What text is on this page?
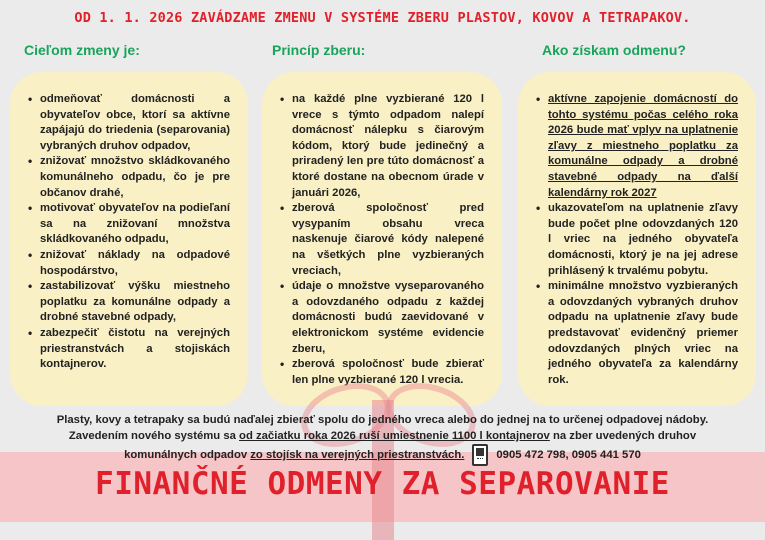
OD 1. 1. 2026 ZAVÁDZAME ZMENU V SYSTÉME ZBERU PLASTOV, KOVOV A TETRAPAKOV.
Cieľom zmeny je:	Princíp zberu:	Ako získam odmenu?
• odmeňovať domácnosti a obyvateľov obce, ktorí sa aktívne zapájajú do triedenia (separovania) vybraných druhov odpadov,
• znižovať množstvo skládkovaného komunálneho odpadu, čo je pre občanov drahé,
• motivovať obyvateľov na podieľaní sa na znižovaní množstva skládkovaného odpadu,
• znižovať náklady na odpadové hospodárstvo,
• zastabilizovať výšku miestneho poplatku za komunálne odpady a drobné stavebné odpady,
• zabezpečiť čistotu na verejných priestranstvách a stojiskách kontajnerov.
• na každé plne vyzbierané 120 l vrece s týmto odpadom nalepí domácnosť nálepku s čiarovým kódom, ktorý bude jedinečný a priradený len pre túto domácnosť a ktoré dostane na obecnom úrade v januári 2026,
• zberová spoločnosť pred vysypaním obsahu vreca naskenuje čiarové kódy nalepené na všetkých plne vyzbieraných vreciach,
• údaje o množstve vyseparovaného a odovzdaného odpadu z každej domácnosti budú zaevidované v elektronickom systéme evidencie zberu,
• zberová spoločnosť bude zbierať len plne vyzbierané 120 l vrecia.
• aktívne zapojenie domácností do tohto systému počas celého roka 2026 bude mať vplyv na uplatnenie zľavy z miestneho poplatku za komunálne odpady a drobné stavebné odpady na ďalší kalendárny rok 2027
• ukazovateľom na uplatnenie zľavy bude počet plne odovzdaných 120 l vriec na jedného obyvateľa domácnosti, ktorý je na jej adrese prihlásený k trvalému pobytu.
• minimálne množstvo vyzbieraných a odovzdaných vybraných druhov odpadu na uplatnenie zľavy bude predstavovať evidenčný priemer odovzdaných plných vriec na jedného obyvateľa za kalendárny rok.
Plasty, kovy a tetrapaky sa budú naďalej zbierať spolu do jedného vreca alebo do jednej na to určenej odpadovej nádoby.
Zavedením nového systému sa od začiatku roka 2026 ruší umiestnenie 1100 l kontajnerov na zber uvedených druhov
komunálnych odpadov zo stojísk na verejných priestranstvách.	0905 472 798, 0905 441 570
FINANČNÉ ODMENY ZA SEPAROVANIE
